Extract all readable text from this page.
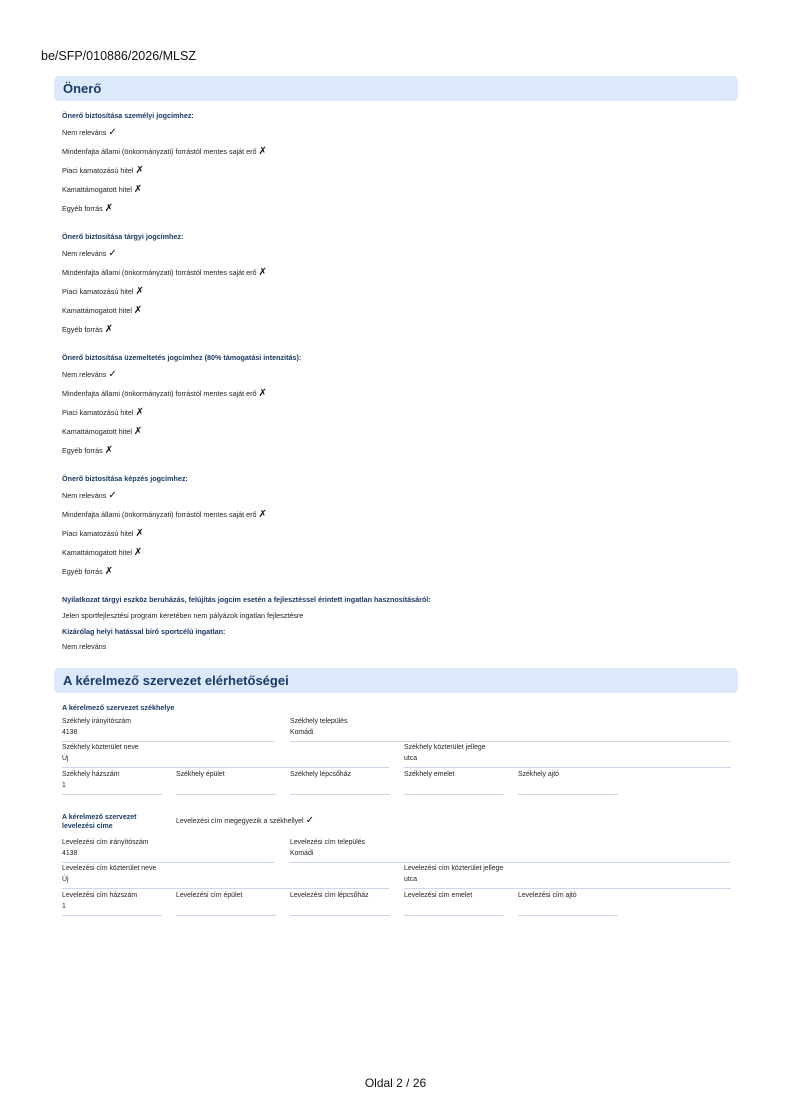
be/SFP/010886/2026/MLSZ
Önerő
Önerő biztosítása személyi jogcímhez:
Nem releváns ✓
Mindenfajta állami (önkormányzati) forrástól mentes saját erő ✗
Piaci kamatozású hitel ✗
Kamattámogatott hitel ✗
Egyéb forrás ✗
Önerő biztosítása tárgyi jogcímhez:
Nem releváns ✓
Mindenfajta állami (önkormányzati) forrástól mentes saját erő ✗
Piaci kamatozású hitel ✗
Kamattámogatott hitel ✗
Egyéb forrás ✗
Önerő biztosítása üzemeltetés jogcímhez (80% támogatási intenzitás):
Nem releváns ✓
Mindenfajta állami (önkormányzati) forrástól mentes saját erő ✗
Piaci kamatozású hitel ✗
Kamattámogatott hitel ✗
Egyéb forrás ✗
Önerő biztosítása képzés jogcímhez:
Nem releváns ✓
Mindenfajta állami (önkormányzati) forrástól mentes saját erő ✗
Piaci kamatozású hitel ✗
Kamattámogatott hitel ✗
Egyéb forrás ✗
Nyilatkozat tárgyi eszköz beruházás, felújítás jogcím esetén a fejlesztéssel érintett ingatlan hasznosításáról:
Jelen sportfejlesztési program keretében nem pályázok ingatlan fejlesztésre
Kizárólag helyi hatással bíró sportcélú ingatlan:
Nem releváns
A kérelmező szervezet elérhetőségei
A kérelmező szervezet székhelye
Székhely irányítószám
4138
Székhely település
Komádi
Székhely közterület neve
Új
Székhely közterület jellege
utca
Székhely házszám
1
Székhely épület	Székhely lépcsőház	Székhely emelet	Székhely ajtó
A kérelmező szervezet levelezési címe
Levelezési cím megegyezik a székhellyel ✓
Levelezési cím irányítószám
4138
Levelezési cím település
Komádi
Levelezési cím közterület neve
Új
Levelezési cím közterület jellege
utca
Levelezési cím házszám
1
Levelezési cím épület	Levelezési cím lépcsőház	Levelezési cím emelet	Levelezési cím ajtó
Oldal 2 / 26
